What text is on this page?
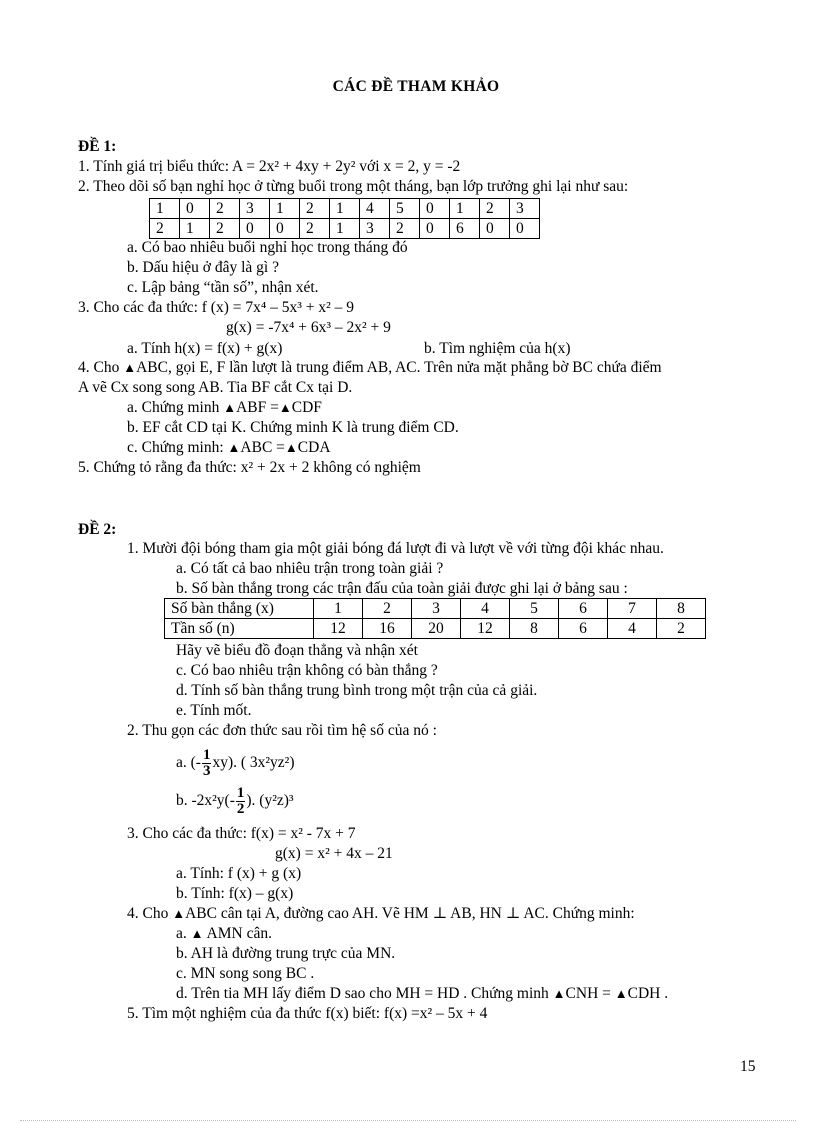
CÁC ĐỀ THAM KHẢO
ĐỀ 1:
1. Tính giá trị biểu thức: A = 2x² + 4xy + 2y² với x = 2, y = -2
2. Theo dõi số bạn nghỉ học ở từng buổi trong một tháng, bạn lớp trưởng ghi lại như sau:
1	0	2	3	1	2	1	4	5	0	1	2	3
2	1	2	0	0	2	1	3	2	0	6	0	0
a. Có bao nhiêu buổi nghỉ học trong tháng đó
b. Dấu hiệu ở đây là gì ?
c. Lập bảng “tần số”, nhận xét.
3. Cho các đa thức: f (x) = 7x⁴ – 5x³ + x² – 9
g(x) = -7x⁴ + 6x³ – 2x² + 9
a. Tính h(x) = f(x) + g(x)	b. Tìm nghiệm của h(x)
4. Cho ▲ABC, gọi E, F lần lượt là trung điểm AB, AC. Trên nửa mặt phẳng bờ BC chứa điểm
A vẽ Cx song song AB. Tia BF cắt Cx tại D.
a. Chứng minh ▲ABF =▲CDF
b. EF cắt CD tại K. Chứng minh K là trung điểm CD.
c. Chứng minh: ▲ABC =▲CDA
5. Chứng tỏ rằng đa thức: x² + 2x + 2 không có nghiệm
ĐỀ 2:
1. Mười đội bóng tham gia một giải bóng đá lượt đi và lượt về với từng đội khác nhau.
a. Có tất cả bao nhiêu trận trong toàn giải ?
b. Số bàn thắng trong các trận đấu của toàn giải được ghi lại ở bảng sau :
Số bàn thắng (x)	1	2	3	4	5	6	7	8
Tần số (n)	12	16	20	12	8	6	4	2
Hãy vẽ biểu đồ đoạn thẳng và nhận xét
c. Có bao nhiêu trận không có bàn thắng ?
d. Tính số bàn thắng trung bình trong một trận của cả giải.
e. Tính mốt.
2. Thu gọn các đơn thức sau rồi tìm hệ số của nó :
a. (- $\frac{1}{3} xy$). ( 3x²yz²)
b. $-2x^2y(- \frac{1}{2}$ ). (y²z)³
3. Cho các đa thức: f(x) = x² - 7x + 7
g(x) = x² + 4x – 21
a. Tính: f (x) + g (x)
b. Tính: f(x) – g(x)
4. Cho ▲ABC cân tại A, đường cao AH. Vẽ HM ⊥ AB, HN ⊥ AC. Chứng minh:
a. ▲ AMN cân.
b. AH là đường trung trực của MN.
c. MN song song BC .
d. Trên tia MH lấy điểm D sao cho MH = HD . Chứng minh ▲CNH = ▲CDH .
5. Tìm một nghiệm của đa thức f(x) biết: f(x) =x² – 5x + 4
15
